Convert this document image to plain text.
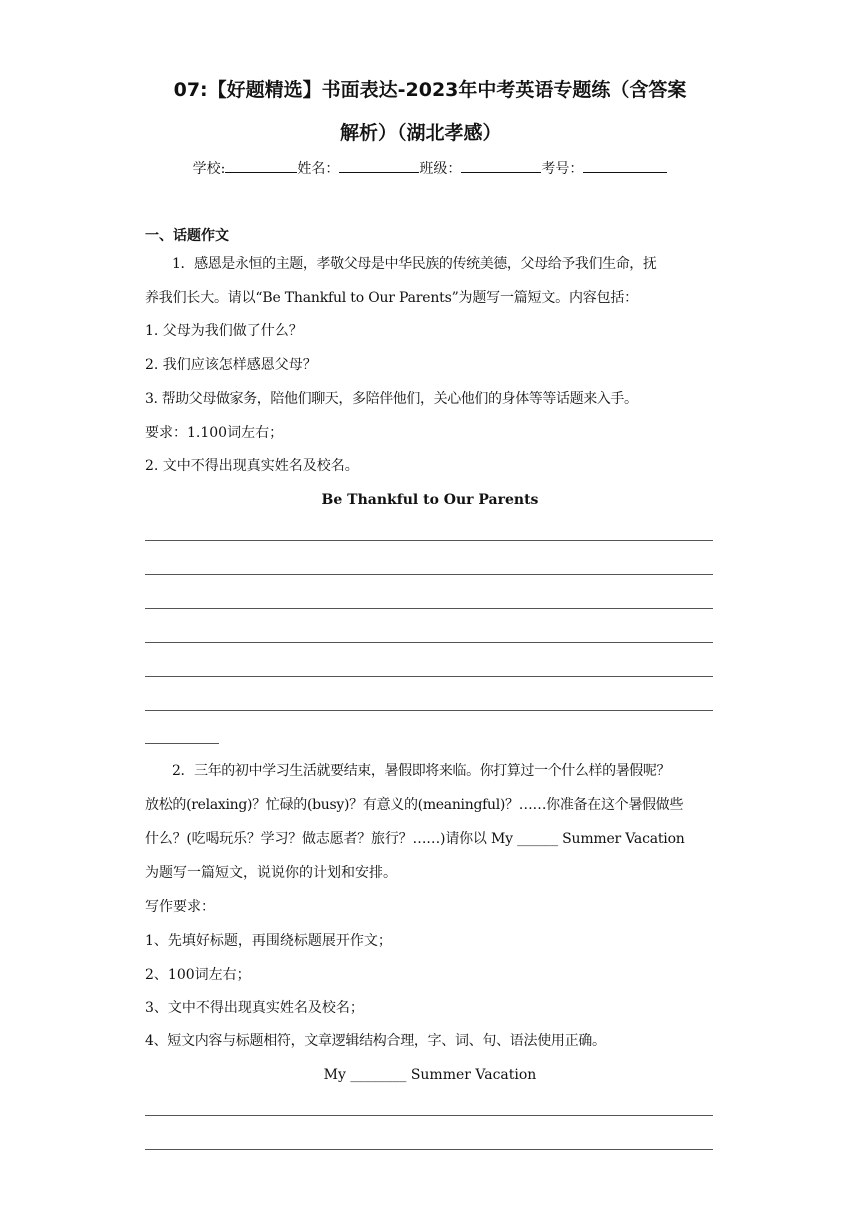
07:【好题精选】书面表达-2023年中考英语专题练（含答案
解析）（湖北孝感）
学校:	姓名：	班级：	考号：
一、话题作文
1．感恩是永恒的主题，孝敬父母是中华民族的传统美德，父母给予我们生命，抚
养我们长大。请以“Be Thankful to Our Parents”为题写一篇短文。内容包括：
1. 父母为我们做了什么？
2. 我们应该怎样感恩父母？
3. 帮助父母做家务，陪他们聊天，多陪伴他们，关心他们的身体等等话题来入手。
要求：1.100词左右；
2. 文中不得出现真实姓名及校名。
Be Thankful to Our Parents
2．三年的初中学习生活就要结束，暑假即将来临。你打算过一个什么样的暑假呢？
放松的(relaxing)？忙碌的(busy)？有意义的(meaningful)？……你准备在这个暑假做些
什么？(吃喝玩乐？学习？做志愿者？旅行？……)请你以 My ______ Summer Vacation
为题写一篇短文，说说你的计划和安排。
写作要求：
1、先填好标题，再围绕标题展开作文；
2、100词左右；
3、文中不得出现真实姓名及校名；
4、短文内容与标题相符，文章逻辑结构合理，字、词、句、语法使用正确。
My ________ Summer Vacation
